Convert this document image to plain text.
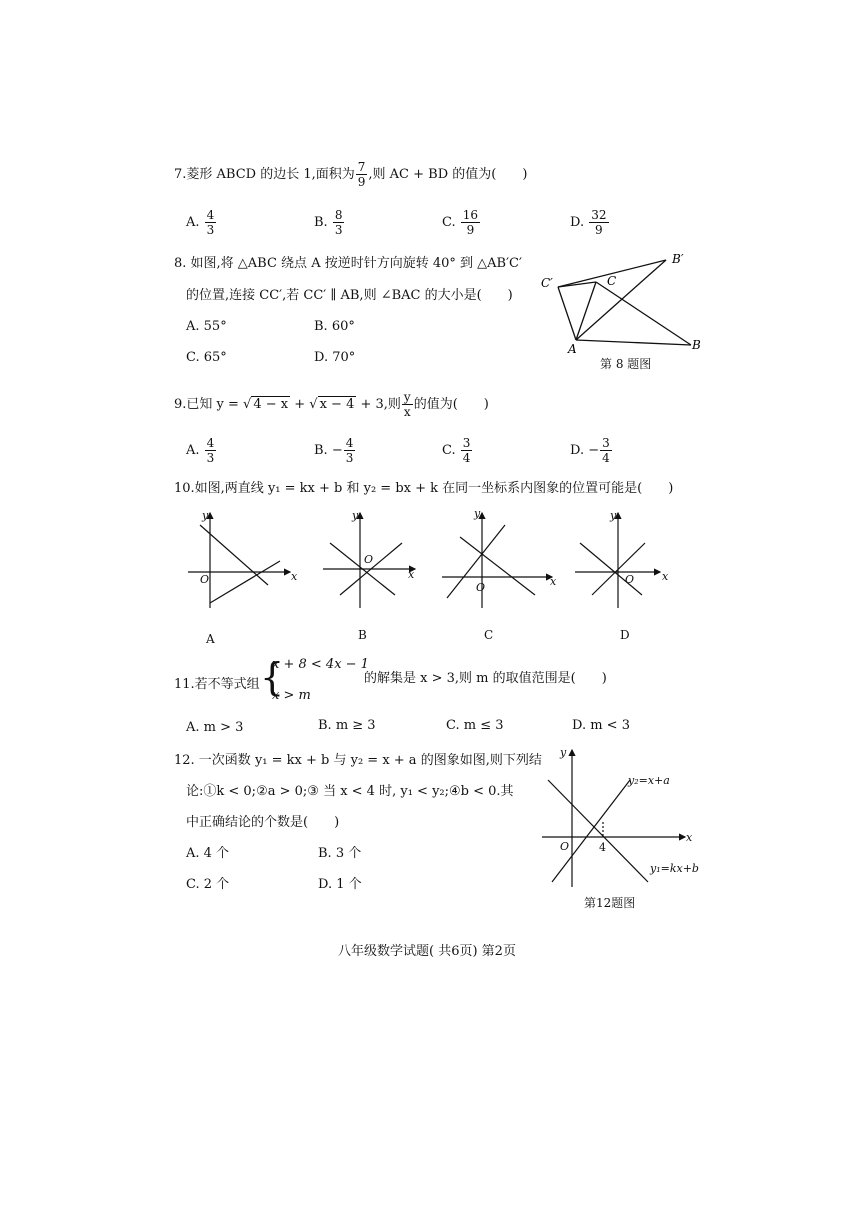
7.菱形 ABCD 的边长 1,面积为 $\frac{7}{9}$ ,则 AC + BD 的值为(　　)
A. $\frac{4}{3}$	B. $\frac{8}{3}$	C. $\frac{16}{9}$	D. $\frac{32}{9}$
8. 如图,将 △ABC 绕点 A 按逆时针方向旋转 40° 到 △AB′C′
的位置,连接 CC′,若 CC′ ∥ AB,则 ∠BAC 的大小是(　　)
A. 55°	B. 60°
C. 65°	D. 70°
A	B
C
B′
C′
第 8 题图
9.已知 y = √ 4 − x + √ x − 4 + 3,则 $\frac{y}{x}$ 的值为(　　)
A. $\frac{4}{3}$	B. − $\frac{4}{3}$	C. $\frac{3}{4}$	D. − $\frac{3}{4}$
10.如图,两直线 y₁ = kx + b 和 y₂ = bx + k 在同一坐标系内图象的位置可能是(　　)
y
x
O
y
x
O
y
x
O
y
x
O
A	B	C	D
11.若不等式组 {
x + 8 < 4x − 1
x > m
的解集是 x > 3,则 m 的取值范围是(　　)
A. m > 3	B. m ≥ 3	C. m ≤ 3	D. m < 3
12. 一次函数 y₁ = kx + b 与 y₂ = x + a 的图象如图,则下列结
论:①k < 0;②a > 0;③ 当 x < 4 时, y₁ < y₂;④b < 0.其
中正确结论的个数是(　　)
A. 4 个	B. 3 个
C. 2 个	D. 1 个
y
x
O	4
y₂=x+a
y₁=kx+b
第12题图
八年级数学试题( 共6页) 第2页
